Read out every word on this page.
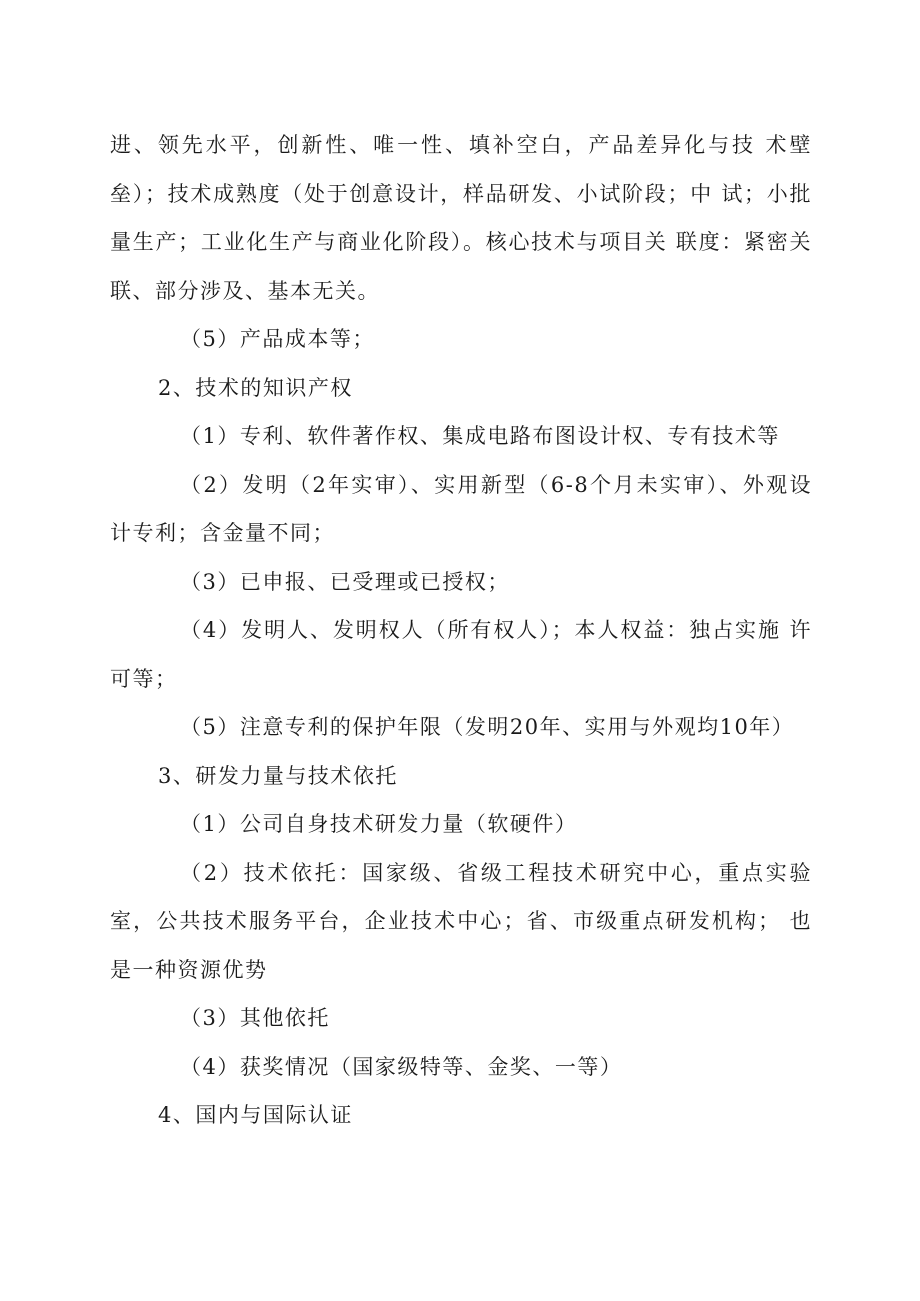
进、领先水平，创新性、唯一性、填补空白，产品差异化与技 术壁垒）；技术成熟度（处于创意设计，样品研发、小试阶段；中 试；小批量生产；工业化生产与商业化阶段）。核心技术与项目关 联度：紧密关联、部分涉及、基本无关。

（5）产品成本等；

2、技术的知识产权

（1）专利、软件著作权、集成电路布图设计权、专有技术等

（2）发明（2年实审）、实用新型（6-8个月未实审）、外观设计专利；含金量不同；

（3）已申报、已受理或已授权；

（4）发明人、发明权人（所有权人）；本人权益：独占实施 许可等；

（5）注意专利的保护年限（发明20年、实用与外观均10年）

3、研发力量与技术依托

（1）公司自身技术研发力量（软硬件）

（2）技术依托：国家级、省级工程技术研究中心，重点实验 室，公共技术服务平台，企业技术中心；省、市级重点研发机构； 也是一种资源优势

（3）其他依托

（4）获奖情况（国家级特等、金奖、一等）

4、国内与国际认证
